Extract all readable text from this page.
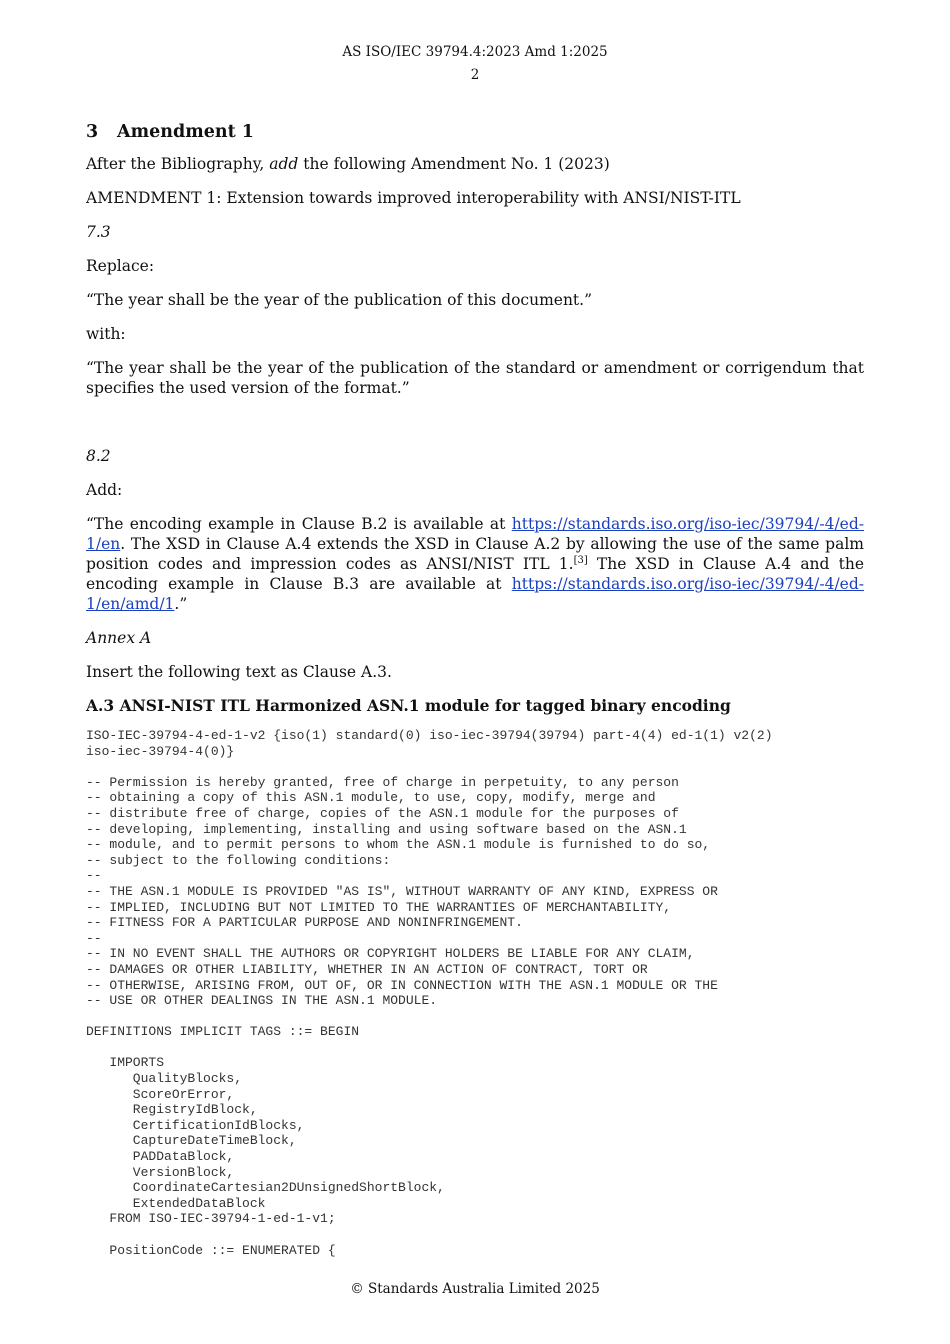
AS ISO/IEC 39794.4:2023 Amd 1:2025
2
3 Amendment 1

After the Bibliography, add the following Amendment No. 1 (2023)

AMENDMENT 1: Extension towards improved interoperability with ANSI/NIST-ITL

7.3

Replace:

“The year shall be the year of the publication of this document.”

with:

“The year shall be the year of the publication of the standard or amendment or corrigendum that specifies the used version of the format.”

8.2

Add:

“The encoding example in Clause B.2 is available at https://standards.iso.org/iso-iec/39794/-4/ed-1/en. The XSD in Clause A.4 extends the XSD in Clause A.2 by allowing the use of the same palm position codes and impression codes as ANSI/NIST ITL 1.[3] The XSD in Clause A.4 and the encoding example in Clause B.3 are available at https://standards.iso.org/iso-iec/39794/-4/ed-1/en/amd/1.”

Annex A

Insert the following text as Clause A.3.

A.3 ANSI-NIST ITL Harmonized ASN.1 module for tagged binary encoding
ISO-IEC-39794-4-ed-1-v2 {iso(1) standard(0) iso-iec-39794(39794) part-4(4) ed-1(1) v2(2)
iso-iec-39794-4(0)}
-- Permission is hereby granted, free of charge in perpetuity, to any person
-- obtaining a copy of this ASN.1 module, to use, copy, modify, merge and
-- distribute free of charge, copies of the ASN.1 module for the purposes of
-- developing, implementing, installing and using software based on the ASN.1
-- module, and to permit persons to whom the ASN.1 module is furnished to do so,
-- subject to the following conditions:
--
-- THE ASN.1 MODULE IS PROVIDED "AS IS", WITHOUT WARRANTY OF ANY KIND, EXPRESS OR
-- IMPLIED, INCLUDING BUT NOT LIMITED TO THE WARRANTIES OF MERCHANTABILITY,
-- FITNESS FOR A PARTICULAR PURPOSE AND NONINFRINGEMENT.
--
-- IN NO EVENT SHALL THE AUTHORS OR COPYRIGHT HOLDERS BE LIABLE FOR ANY CLAIM,
-- DAMAGES OR OTHER LIABILITY, WHETHER IN AN ACTION OF CONTRACT, TORT OR
-- OTHERWISE, ARISING FROM, OUT OF, OR IN CONNECTION WITH THE ASN.1 MODULE OR THE
-- USE OR OTHER DEALINGS IN THE ASN.1 MODULE.
DEFINITIONS IMPLICIT TAGS ::= BEGIN
IMPORTS
QualityBlocks,
ScoreOrError,
RegistryIdBlock,
CertificationIdBlocks,
CaptureDateTimeBlock,
PADDataBlock,
VersionBlock,
CoordinateCartesian2DUnsignedShortBlock,
ExtendedDataBlock
FROM ISO-IEC-39794-1-ed-1-v1;
PositionCode ::= ENUMERATED {
© Standards Australia Limited 2025
